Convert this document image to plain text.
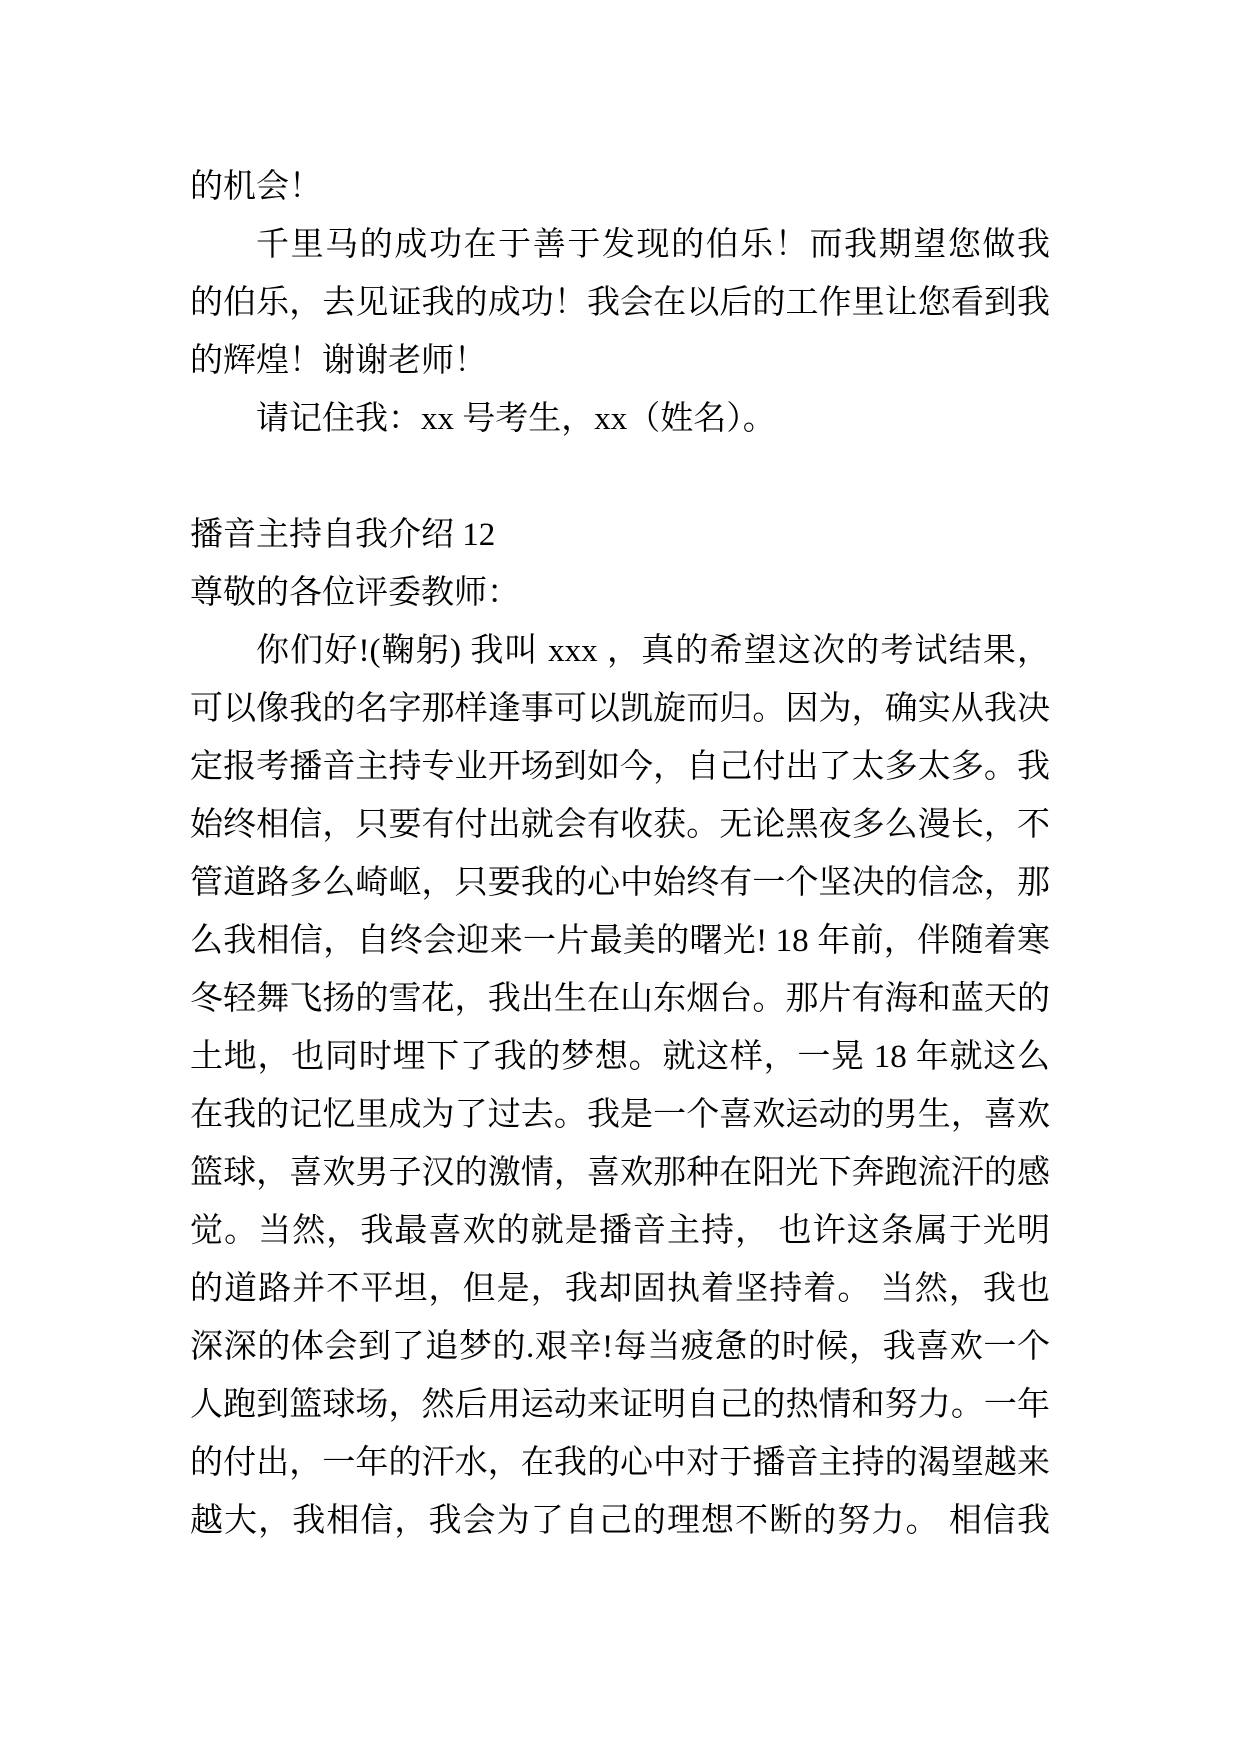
的机会！
千里马的成功在于善于发现的伯乐！而我期望您做我
的伯乐，去见证我的成功！我会在以后的工作里让您看到我
的辉煌！谢谢老师！
请记住我：xx 号考生，xx（姓名）。
播音主持自我介绍 12
尊敬的各位评委教师：
你们好!(鞠躬) 我叫 xxx ，真的希望这次的考试结果，
可以像我的名字那样逢事可以凯旋而归。因为，确实从我决
定报考播音主持专业开场到如今，自己付出了太多太多。我
始终相信，只要有付出就会有收获。无论黑夜多么漫长，不
管道路多么崎岖，只要我的心中始终有一个坚决的信念，那
么我相信，自终会迎来一片最美的曙光! 18 年前，伴随着寒
冬轻舞飞扬的雪花，我出生在山东烟台。那片有海和蓝天的
土地，也同时埋下了我的梦想。就这样，一晃 18 年就这么
在我的记忆里成为了过去。我是一个喜欢运动的男生，喜欢
篮球，喜欢男子汉的激情，喜欢那种在阳光下奔跑流汗的感
觉。当然，我最喜欢的就是播音主持， 也许这条属于光明
的道路并不平坦，但是，我却固执着坚持着。 当然，我也
深深的体会到了追梦的.艰辛!每当疲惫的时候，我喜欢一个
人跑到篮球场，然后用运动来证明自己的热情和努力。一年
的付出，一年的汗水，在我的心中对于播音主持的渴望越来
越大，我相信，我会为了自己的理想不断的努力。 相信我
